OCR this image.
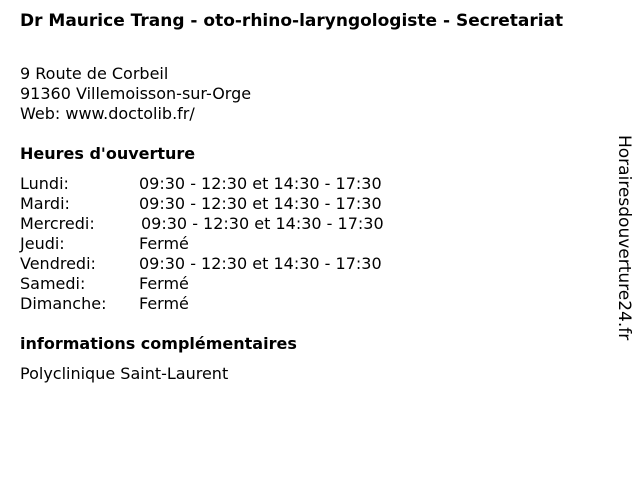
Dr Maurice Trang - oto-rhino-laryngologiste - Secretariat
9 Route de Corbeil
91360 Villemoisson-sur-Orge
Web: www.doctolib.fr/
Heures d'ouverture
Lundi:	09:30 - 12:30 et 14:30 - 17:30
Mardi:	09:30 - 12:30 et 14:30 - 17:30
Mercredi:	09:30 - 12:30 et 14:30 - 17:30
Jeudi:	Fermé
Vendredi:	09:30 - 12:30 et 14:30 - 17:30
Samedi:	Fermé
Dimanche: Fermé
informations complémentaires
Polyclinique Saint-Laurent
Horairesdouverture24.fr
